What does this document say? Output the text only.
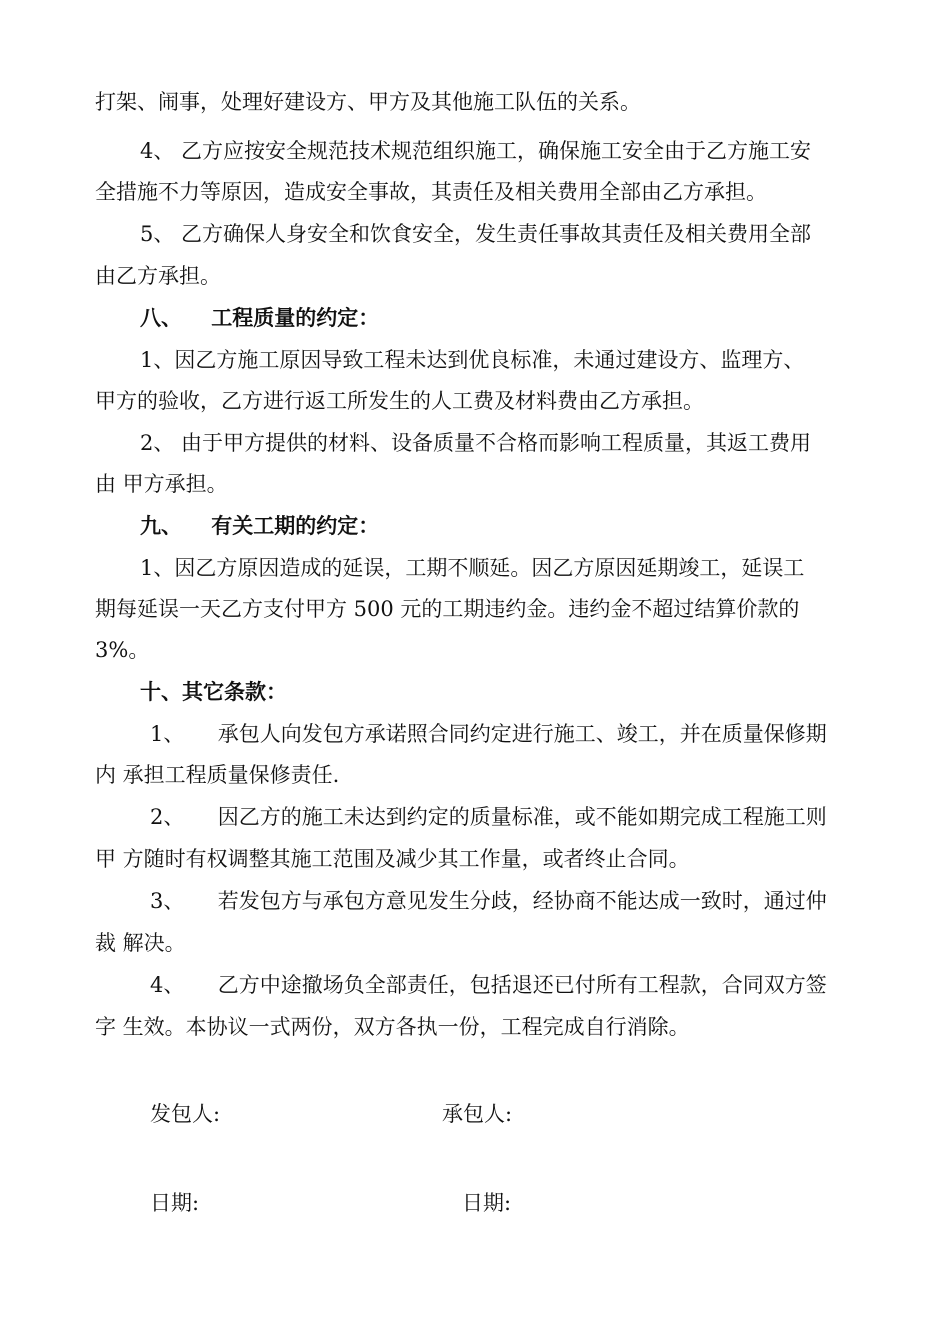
打架、闹事，处理好建设方、甲方及其他施工队伍的关系。
4、 乙方应按安全规范技术规范组织施工，确保施工安全由于乙方施工安
全措施不力等原因，造成安全事故，其责任及相关费用全部由乙方承担。
5、 乙方确保人身安全和饮食安全，发生责任事故其责任及相关费用全部
由乙方承担。
八、    工程质量的约定：
1、因乙方施工原因导致工程未达到优良标准，未通过建设方、监理方、
甲方的验收，乙方进行返工所发生的人工费及材料费由乙方承担。
2、 由于甲方提供的材料、设备质量不合格而影响工程质量，其返工费用
由 甲方承担。
九、    有关工期的约定：
1、因乙方原因造成的延误，工期不顺延。因乙方原因延期竣工，延误工
期每延误一天乙方支付甲方 500 元的工期违约金。违约金不超过结算价款的
3%。
十、其它条款：
1、     承包人向发包方承诺照合同约定进行施工、竣工，并在质量保修期
内 承担工程质量保修责任.
2、     因乙方的施工未达到约定的质量标准，或不能如期完成工程施工则
甲 方随时有权调整其施工范围及减少其工作量，或者终止合同。
3、     若发包方与承包方意见发生分歧，经协商不能达成一致时，通过仲
裁 解决。
4、     乙方中途撤场负全部责任，包括退还已付所有工程款，合同双方签
字 生效。本协议一式两份，双方各执一份，工程完成自行消除。
发包人:	承包人:
日期:	日期:
